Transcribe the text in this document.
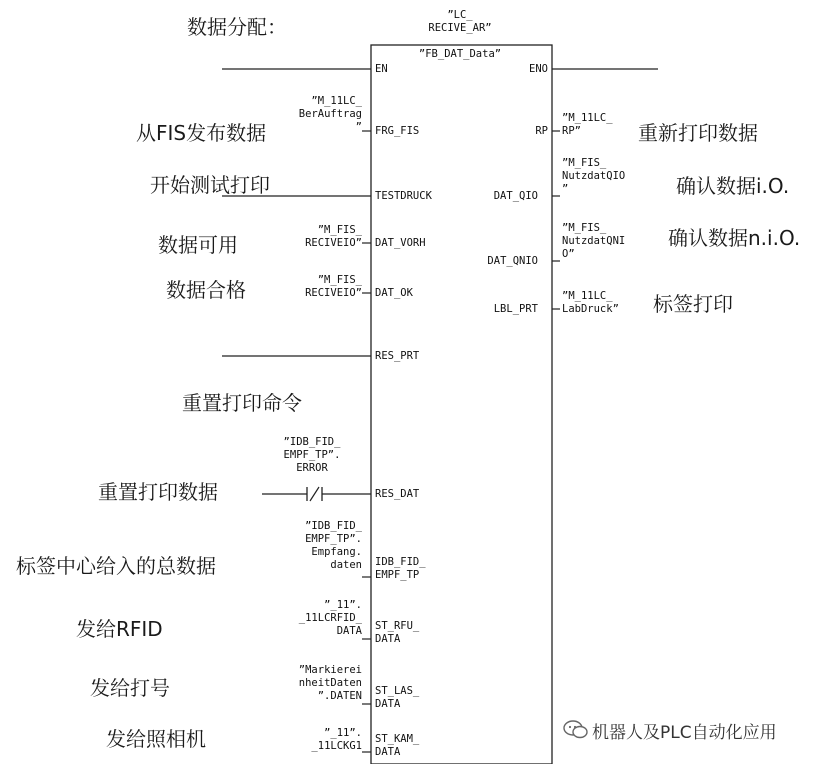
数据分配：	”LC_
RECIVE_AR”
”FB_DAT_Data”
EN	ENO
”M_11LC_
BerAuftrag
” FRG_FIS
从FIS发布数据
TESTDRUCK
开始测试打印
”M_FIS_
RECIVEIO” DAT_VORH
数据可用
”M_FIS_
RECIVEIO” DAT_OK
数据合格
RES_PRT
重置打印命令
”IDB_FID_
EMPF_TP”.
ERROR
RES_DAT
重置打印数据
”IDB_FID_
EMPF_TP”.
Empfang.
daten IDB_FID_
EMPF_TP
标签中心给入的总数据
”_11”.
_11LCRFID_
DATA ST_RFU_
DATA
发给RFID
”Markierei
nheitDaten
”.DATEN ST_LAS_
DATA
发给打号
”_11”.
_11LCKG1
ST_KAM_
DATA
发给照相机
RP
”M_11LC_
RP”	重新打印数据
DAT_QIO
”M_FIS_
NutzdatQIO
”	确认数据i.O.
DAT_QNIO
”M_FIS_
NutzdatQNI
O”
确认数据n.i.O.
LBL_PRT
”M_11LC_
LabDruck” 标签打印
机器人及PLC自动化应用
